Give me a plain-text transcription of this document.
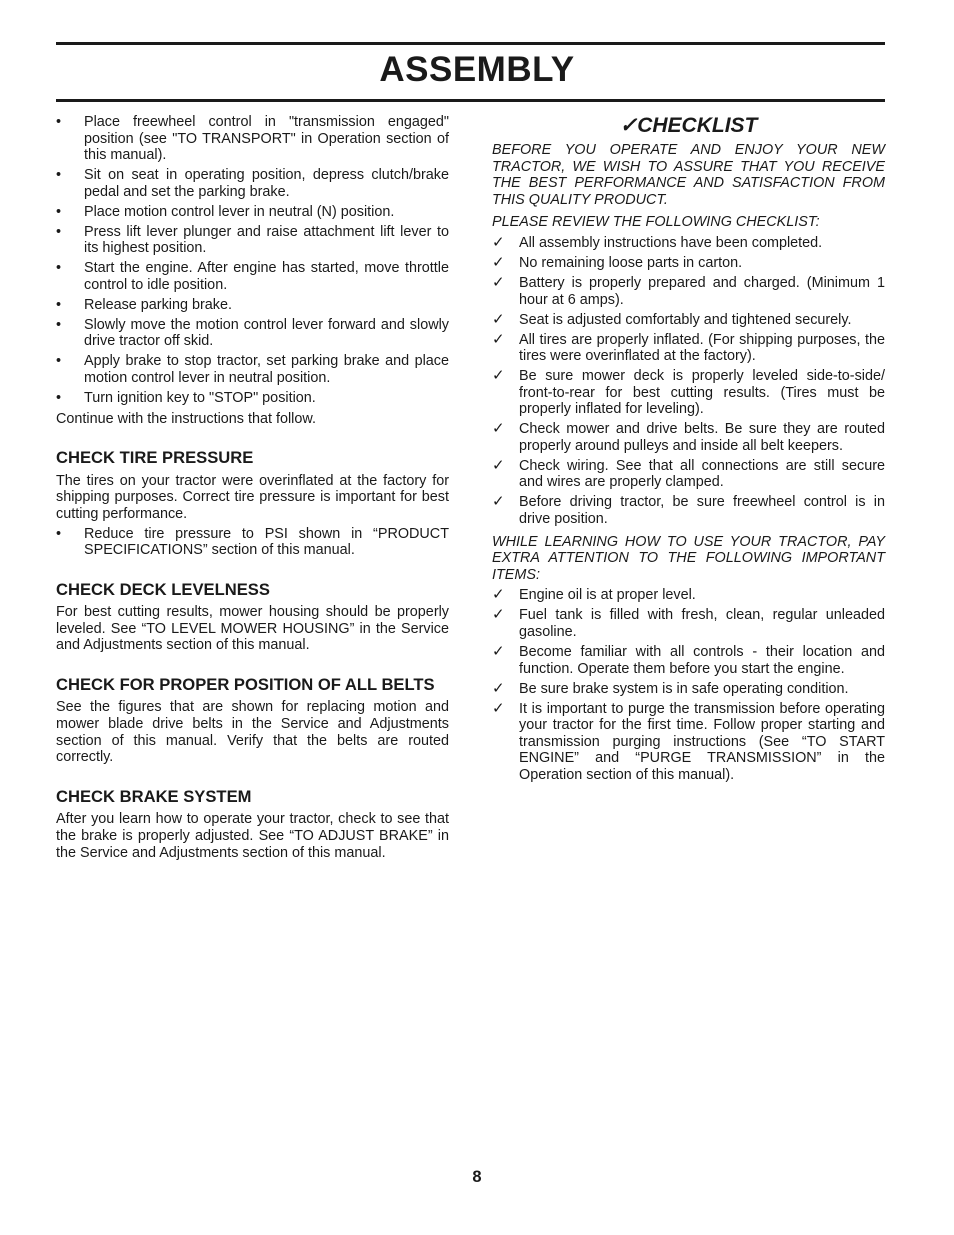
ASSEMBLY
• Place freewheel control in "transmission engaged" position (see "TO TRANSPORT" in Operation section of this manual).
• Sit on seat in operating position, depress clutch/brake pedal and set the parking brake.
• Place motion control lever in neutral (N) position.
• Press lift lever plunger and raise attachment lift lever to its highest position.
• Start the engine. After engine has started, move throttle control to idle position.
• Release parking brake.
• Slowly move the motion control lever forward and slowly drive tractor off skid.
• Apply brake to stop tractor, set parking brake and place motion control lever in neutral position.
• Turn ignition key to "STOP" position.

Continue with the instructions that follow.

CHECK TIRE PRESSURE

The tires on your tractor were overinflated at the factory for shipping purposes. Correct tire pressure is important for best cutting performance.

• Reduce tire pressure to PSI shown in “PRODUCT SPECIFICATIONS” section of this manual.
CHECK DECK LEVELNESS

For best cutting results, mower housing should be properly leveled. See “TO LEVEL MOWER HOUSING” in the Service and Adjustments section of this manual.

CHECK FOR PROPER POSITION OF ALL BELTS

See the figures that are shown for replacing motion and mower blade drive belts in the Service and Adjustments section of this manual. Verify that the belts are routed correctly.

CHECK BRAKE SYSTEM

After you learn how to operate your tractor, check to see that the brake is properly adjusted. See “TO ADJUST BRAKE” in the Service and Adjustments section of this manual.

✓CHECKLIST

BEFORE YOU OPERATE AND ENJOY YOUR NEW TRACTOR, WE WISH TO ASSURE THAT YOU RECEIVE THE BEST PERFORMANCE AND SATISFACTION FROM THIS QUALITY PRODUCT.

PLEASE REVIEW THE FOLLOWING CHECKLIST:

✓ All assembly instructions have been completed.
✓ No remaining loose parts in carton.
✓ Battery is properly prepared and charged. (Minimum 1 hour at 6 amps).
✓ Seat is adjusted comfortably and tightened securely.
✓ All tires are properly inflated. (For shipping purposes, the tires were overinflated at the factory).
✓ Be sure mower deck is properly leveled side-to-side/ front-to-rear for best cutting results. (Tires must be properly inflated for leveling).
✓ Check mower and drive belts. Be sure they are routed properly around pulleys and inside all belt keepers.
✓ Check wiring. See that all connections are still secure and wires are properly clamped.
✓ Before driving tractor, be sure freewheel control is in drive position.

WHILE LEARNING HOW TO USE YOUR TRACTOR, PAY EXTRA ATTENTION TO THE FOLLOWING IMPORTANT ITEMS:

✓ Engine oil is at proper level.
✓ Fuel tank is filled with fresh, clean, regular unleaded gasoline.
✓ Become familiar with all controls - their location and function. Operate them before you start the engine.
✓ Be sure brake system is in safe operating condition.
✓ It is important to purge the transmission before operating your tractor for the first time. Follow proper starting and transmission purging instructions (See “TO START ENGINE” and “PURGE TRANSMISSION” in the Operation section of this manual).
8
